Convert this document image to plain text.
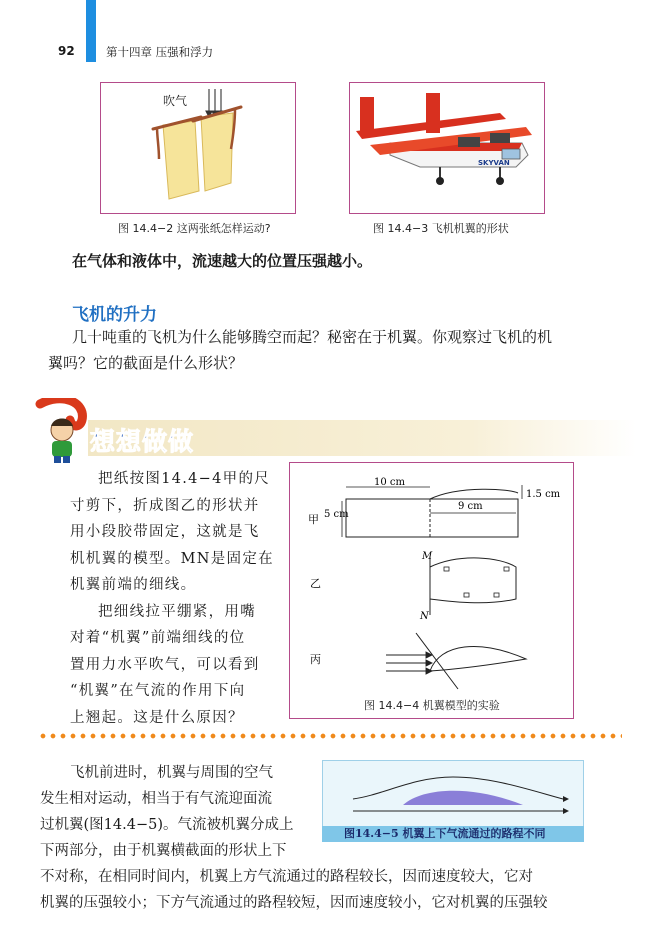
92	第十四章 压强和浮力
吹气
图 14.4−2 这两张纸怎样运动?
SKYVAN
图 14.4−3 飞机机翼的形状
在气体和液体中，流速越大的位置压强越小。
飞机的升力
几十吨重的飞机为什么能够腾空而起？秘密在于机翼。你观察过飞机的机
翼吗？它的截面是什么形状？
想想做做

把纸按图14.4−4甲的尺

寸剪下，折成图乙的形状并

用小段胶带固定，这就是飞

机机翼的模型。MN是固定在

机翼前端的细线。

把细线拉平绷紧，用嘴

对着“机翼”前端细线的位

置用力水平吹气，可以看到

“机翼”在气流的作用下向

上翘起。这是什么原因？

甲 5 cm
10 cm
9 cm
1.5 cm
乙
M
N
丙
图 14.4−4 机翼模型的实验
图14.4−5 机翼上下气流通过的路程不同
飞机前进时，机翼与周围的空气
发生相对运动，相当于有气流迎面流
过机翼(图14.4−5)。气流被机翼分成上
下两部分，由于机翼横截面的形状上下
不对称，在相同时间内，机翼上方气流通过的路程较长，因而速度较大，它对
机翼的压强较小；下方气流通过的路程较短，因而速度较小，它对机翼的压强较
